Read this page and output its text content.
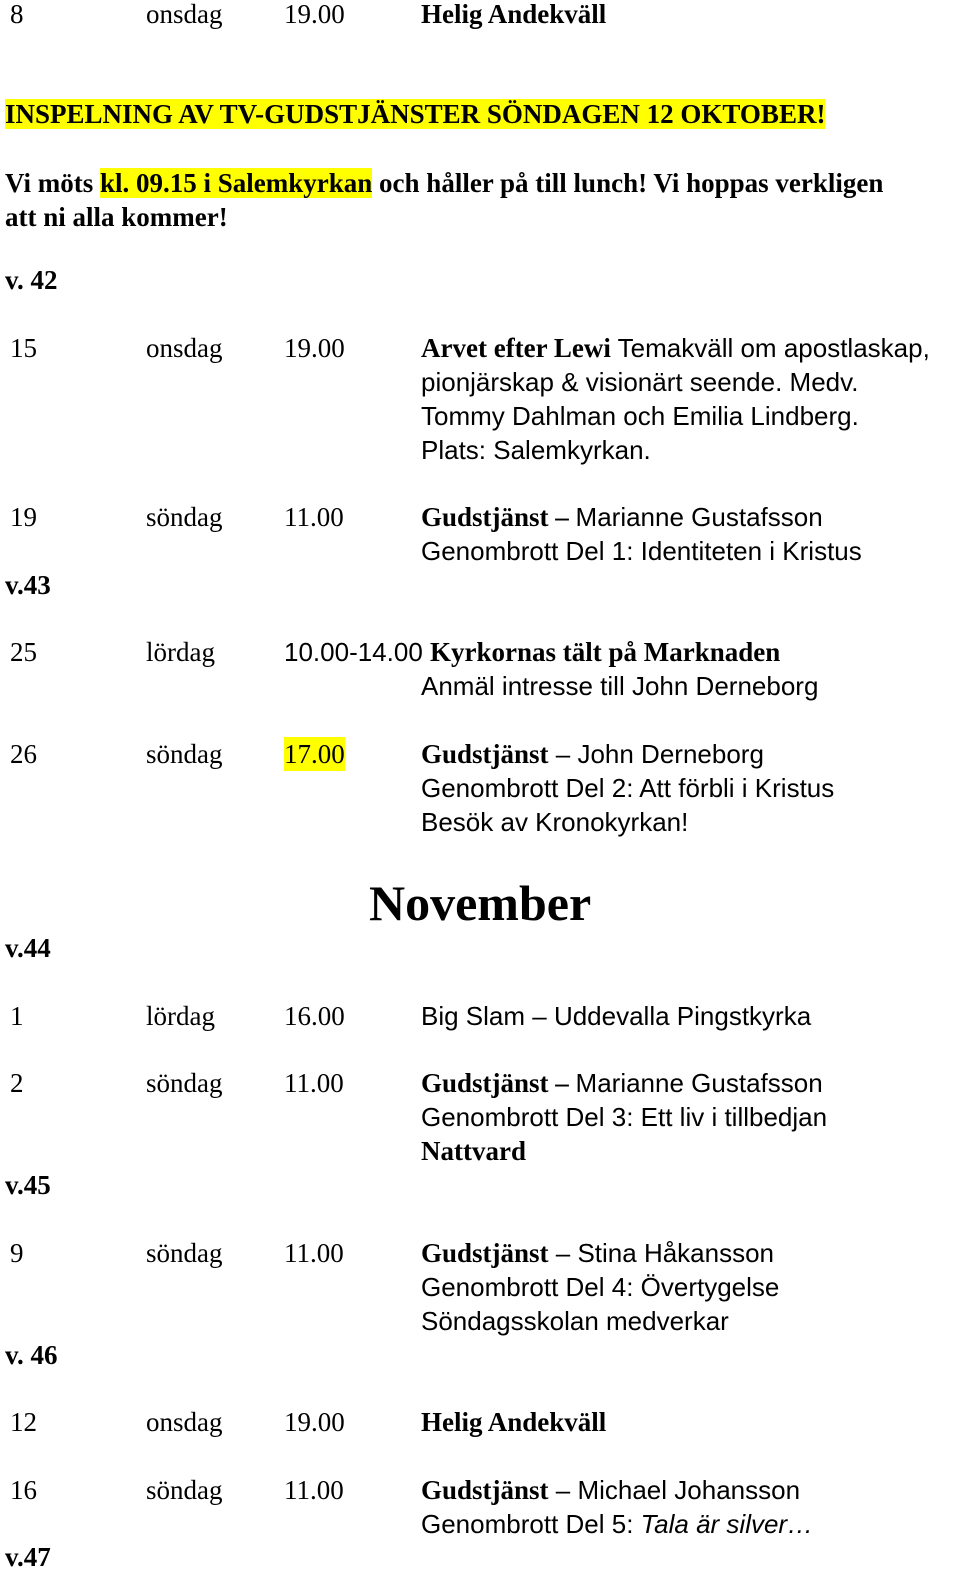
8	onsdag 19.00	Helig Andekväll
INSPELNING AV TV-GUDSTJÄNSTER SÖNDAGEN 12 OKTOBER!
Vi möts kl. 09.15 i Salemkyrkan och håller på till lunch! Vi hoppas verkligen
att ni alla kommer!
v. 42
15	onsdag 19.00	Arvet efter Lewi Temakväll om apostlaskap,
pionjärskap & visionärt seende. Medv.
Tommy Dahlman och Emilia Lindberg.
Plats: Salemkyrkan.
19	söndag 11.00	Gudstjänst – Marianne Gustafsson
Genombrott Del 1: Identiteten i Kristus
v.43
25	lördag	10.00-14.00 Kyrkornas tält på Marknaden
Anmäl intresse till John Derneborg
26	söndag 17.00	Gudstjänst – John Derneborg
Genombrott Del 2: Att förbli i Kristus
Besök av Kronokyrkan!
November
v.44
1	lördag	16.00	Big Slam – Uddevalla Pingstkyrka
2	söndag 11.00	Gudstjänst – Marianne Gustafsson
Genombrott Del 3: Ett liv i tillbedjan
Nattvard
v.45
9	söndag 11.00	Gudstjänst – Stina Håkansson
Genombrott Del 4: Övertygelse
Söndagsskolan medverkar
v. 46
12	onsdag 19.00	Helig Andekväll
16	söndag 11.00	Gudstjänst – Michael Johansson
Genombrott Del 5: Tala är silver…
v.47
